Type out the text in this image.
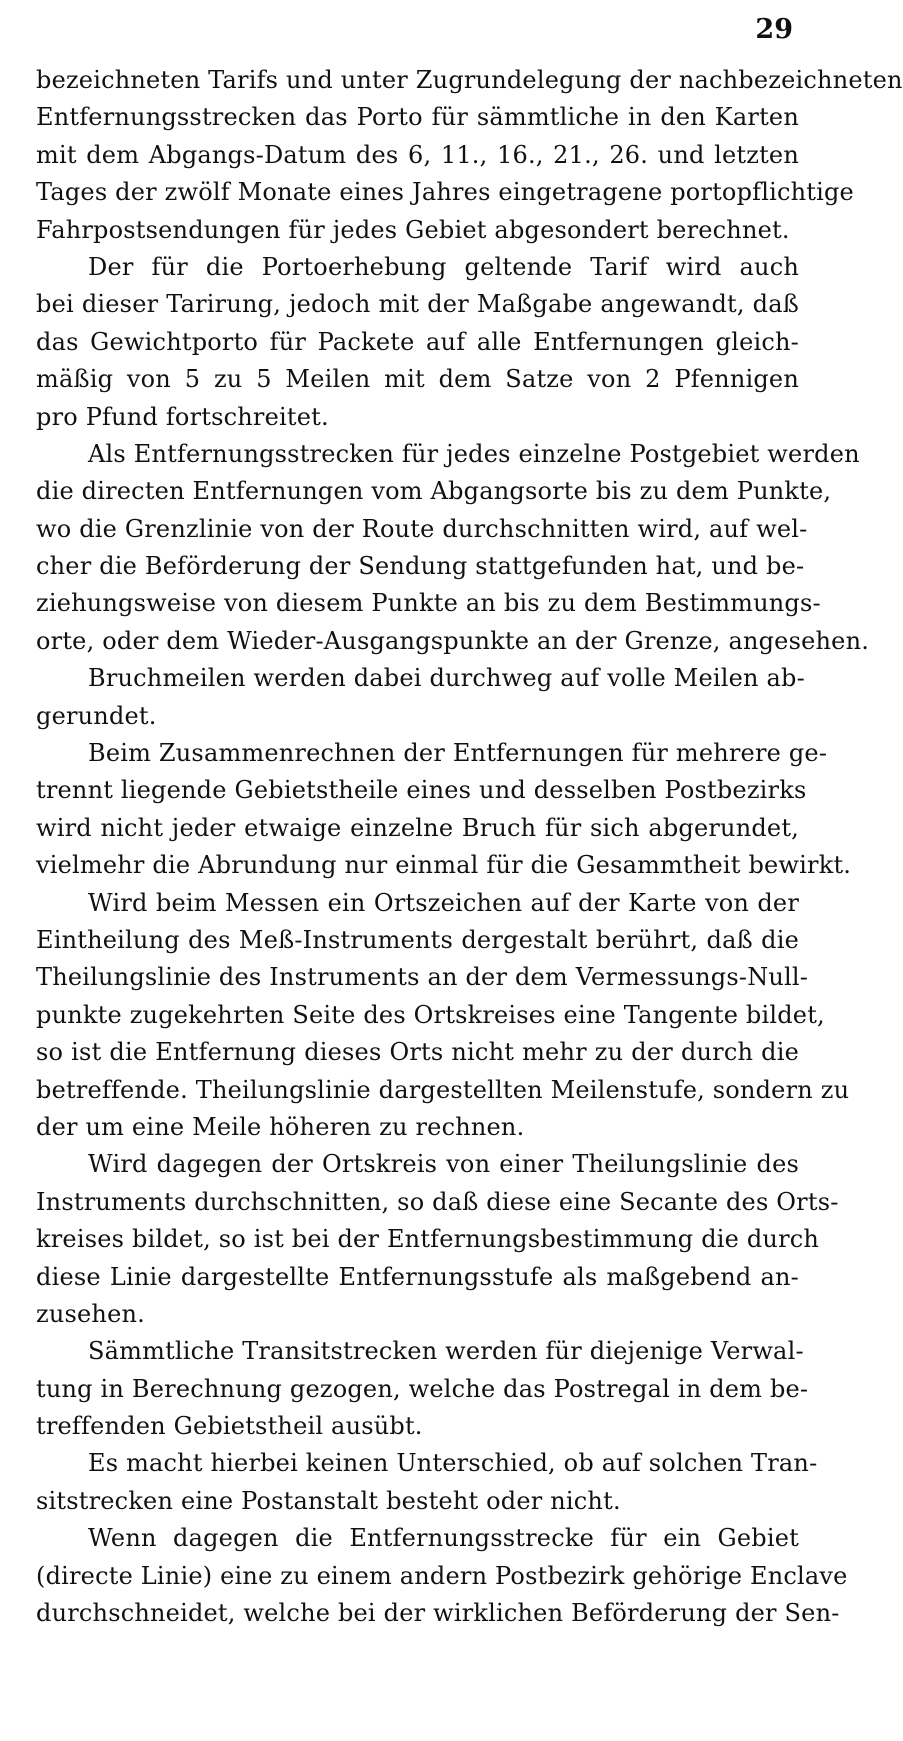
29
bezeichneten Tarifs und unter Zugrundelegung der nachbezeichneten
Entfernungsstrecken das Porto für sämmtliche in den Karten
mit dem Abgangs-Datum des 6, 11., 16., 21., 26. und letzten
Tages der zwölf Monate eines Jahres eingetragene portopflichtige
Fahrpostsendungen für jedes Gebiet abgesondert berechnet.
Der für die Portoerhebung geltende Tarif wird auch
bei dieser Tarirung, jedoch mit der Maßgabe angewandt, daß
das Gewichtporto für Packete auf alle Entfernungen gleich-
mäßig von 5 zu 5 Meilen mit dem Satze von 2 Pfennigen
pro Pfund fortschreitet.
Als Entfernungsstrecken für jedes einzelne Postgebiet werden
die directen Entfernungen vom Abgangsorte bis zu dem Punkte,
wo die Grenzlinie von der Route durchschnitten wird, auf wel-
cher die Beförderung der Sendung stattgefunden hat, und be-
ziehungsweise von diesem Punkte an bis zu dem Bestimmungs-
orte, oder dem Wieder-Ausgangspunkte an der Grenze, angesehen.
Bruchmeilen werden dabei durchweg auf volle Meilen ab-
gerundet.
Beim Zusammenrechnen der Entfernungen für mehrere ge-
trennt liegende Gebietstheile eines und desselben Postbezirks
wird nicht jeder etwaige einzelne Bruch für sich abgerundet,
vielmehr die Abrundung nur einmal für die Gesammtheit bewirkt.
Wird beim Messen ein Ortszeichen auf der Karte von der
Eintheilung des Meß-Instruments dergestalt berührt, daß die
Theilungslinie des Instruments an der dem Vermessungs-Null-
punkte zugekehrten Seite des Ortskreises eine Tangente bildet,
so ist die Entfernung dieses Orts nicht mehr zu der durch die
betreffende. Theilungslinie dargestellten Meilenstufe, sondern zu
der um eine Meile höheren zu rechnen.
Wird dagegen der Ortskreis von einer Theilungslinie des
Instruments durchschnitten, so daß diese eine Secante des Orts-
kreises bildet, so ist bei der Entfernungsbestimmung die durch
diese Linie dargestellte Entfernungsstufe als maßgebend an-
zusehen.
Sämmtliche Transitstrecken werden für diejenige Verwal-
tung in Berechnung gezogen, welche das Postregal in dem be-
treffenden Gebietstheil ausübt.
Es macht hierbei keinen Unterschied, ob auf solchen Tran-
sitstrecken eine Postanstalt besteht oder nicht.
Wenn dagegen die Entfernungsstrecke für ein Gebiet
(directe Linie) eine zu einem andern Postbezirk gehörige Enclave
durchschneidet, welche bei der wirklichen Beförderung der Sen-
